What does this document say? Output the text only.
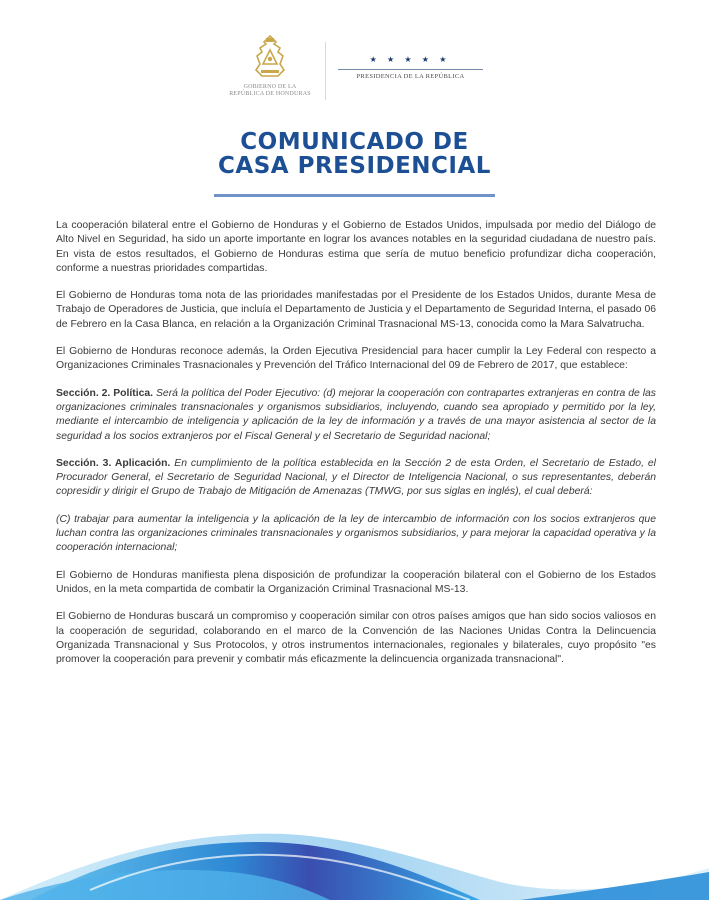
GOBIERNO DE LA
REPÚBLICA DE HONDURAS
★ ★ ★ ★ ★
PRESIDENCIA DE LA REPÚBLICA
COMUNICADO DE
CASA PRESIDENCIAL

La cooperación bilateral entre el Gobierno de Honduras y el Gobierno de Estados Unidos, impulsada por medio del Diálogo de Alto Nivel en Seguridad, ha sido un aporte importante en lograr los avances notables en la seguridad ciudadana de nuestro país. En vista de estos resultados, el Gobierno de Honduras estima que sería de mutuo beneficio profundizar dicha cooperación, conforme a nuestras prioridades compartidas.

El Gobierno de Honduras toma nota de las prioridades manifestadas por el Presidente de los Estados Unidos, durante Mesa de Trabajo de Operadores de Justicia, que incluía el Departamento de Justicia y el Departamento de Seguridad Interna, el pasado 06 de Febrero en la Casa Blanca, en relación a la Organización Criminal Trasnacional MS-13, conocida como la Mara Salvatrucha.

El Gobierno de Honduras reconoce además, la Orden Ejecutiva Presidencial para hacer cumplir la Ley Federal con respecto a Organizaciones Criminales Trasnacionales y Prevención del Tráfico Internacional del 09 de Febrero de 2017, que establece:

Sección. 2. Política. Será la política del Poder Ejecutivo: (d) mejorar la cooperación con contrapartes extranjeras en contra de las organizaciones criminales transnacionales y organismos subsidiarios, incluyendo, cuando sea apropiado y permitido por la ley, mediante el intercambio de inteligencia y aplicación de la ley de información y a través de una mayor asistencia al sector de la seguridad a los socios extranjeros por el Fiscal General y el Secretario de Seguridad nacional;

Sección. 3. Aplicación. En cumplimiento de la política establecida en la Sección 2 de esta Orden, el Secretario de Estado, el Procurador General, el Secretario de Seguridad Nacional, y el Director de Inteligencia Nacional, o sus representantes, deberán copresidir y dirigir el Grupo de Trabajo de Mitigación de Amenazas (TMWG, por sus siglas en inglés), el cual deberá:

(C) trabajar para aumentar la inteligencia y la aplicación de la ley de intercambio de información con los socios extranjeros que luchan contra las organizaciones criminales transnacionales y organismos subsidiarios, y para mejorar la capacidad operativa y la cooperación internacional;

El Gobierno de Honduras manifiesta plena disposición de profundizar la cooperación bilateral con el Gobierno de los Estados Unidos, en la meta compartida de combatir la Organización Criminal Trasnacional MS-13.

El Gobierno de Honduras buscará un compromiso y cooperación similar con otros países amigos que han sido socios valiosos en la cooperación de seguridad, colaborando en el marco de la Convención de las Naciones Unidas Contra la Delincuencia Organizada Transnacional y Sus Protocolos, y otros instrumentos internacionales, regionales y bilaterales, cuyo propósito "es promover la cooperación para prevenir y combatir más eficazmente la delincuencia organizada transnacional".
